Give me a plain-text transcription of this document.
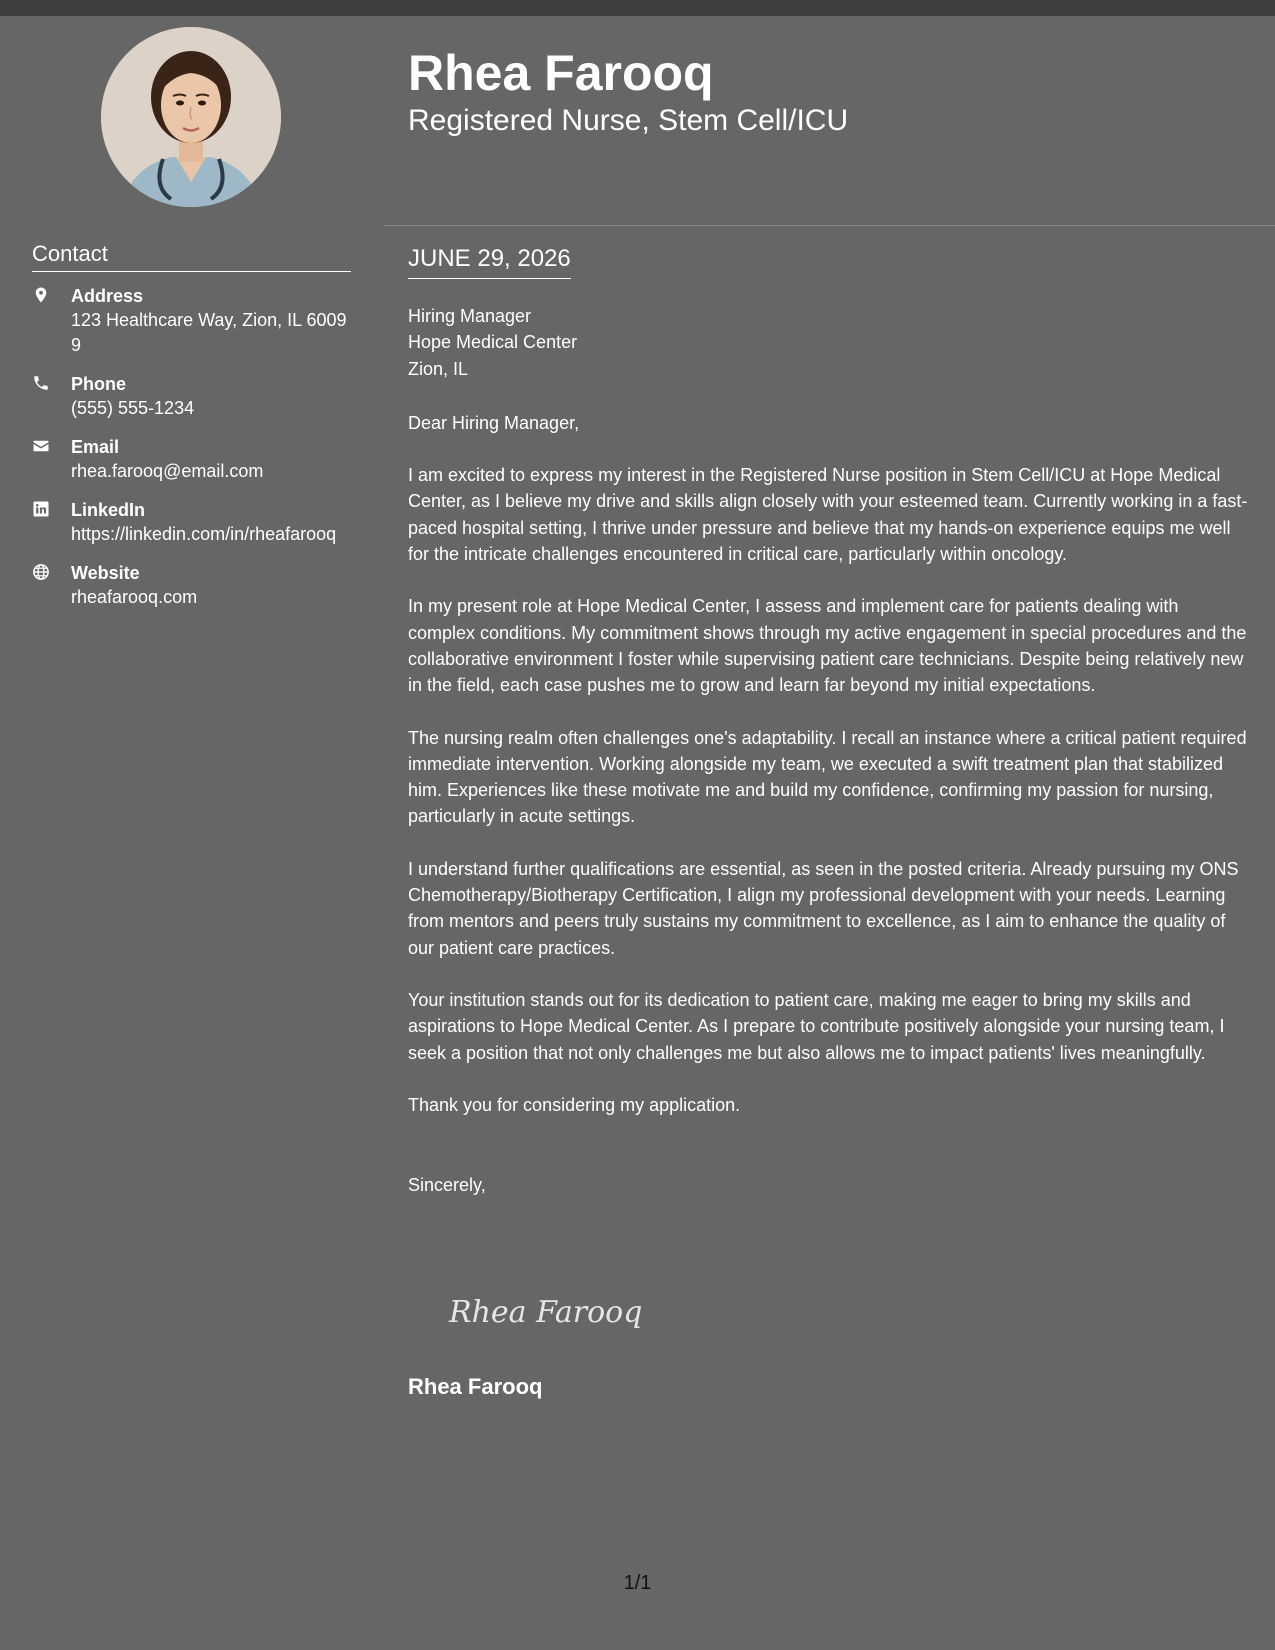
Contact
Address
123 Healthcare Way, Zion, IL 60099
Phone
(555) 555-1234
Email
rhea.farooq@email.com
LinkedIn
https://linkedin.com/in/rheafarooq
Website
rheafarooq.com
Rhea Farooq
Registered Nurse, Stem Cell/ICU
JUNE 29, 2026
Hiring Manager
Hope Medical Center
Zion, IL
Dear Hiring Manager,
I am excited to express my interest in the Registered Nurse position in Stem Cell/ICU at Hope Medical Center, as I believe my drive and skills align closely with your esteemed team. Currently working in a fast-paced hospital setting, I thrive under pressure and believe that my hands-on experience equips me well for the intricate challenges encountered in critical care, particularly within oncology.
In my present role at Hope Medical Center, I assess and implement care for patients dealing with complex conditions. My commitment shows through my active engagement in special procedures and the collaborative environment I foster while supervising patient care technicians. Despite being relatively new in the field, each case pushes me to grow and learn far beyond my initial expectations.
The nursing realm often challenges one's adaptability. I recall an instance where a critical patient required immediate intervention. Working alongside my team, we executed a swift treatment plan that stabilized him. Experiences like these motivate me and build my confidence, confirming my passion for nursing, particularly in acute settings.
I understand further qualifications are essential, as seen in the posted criteria. Already pursuing my ONS Chemotherapy/Biotherapy Certification, I align my professional development with your needs. Learning from mentors and peers truly sustains my commitment to excellence, as I aim to enhance the quality of our patient care practices.
Your institution stands out for its dedication to patient care, making me eager to bring my skills and aspirations to Hope Medical Center. As I prepare to contribute positively alongside your nursing team, I seek a position that not only challenges me but also allows me to impact patients' lives meaningfully.
Thank you for considering my application.
Sincerely,
Rhea Farooq
Rhea Farooq
1/1
